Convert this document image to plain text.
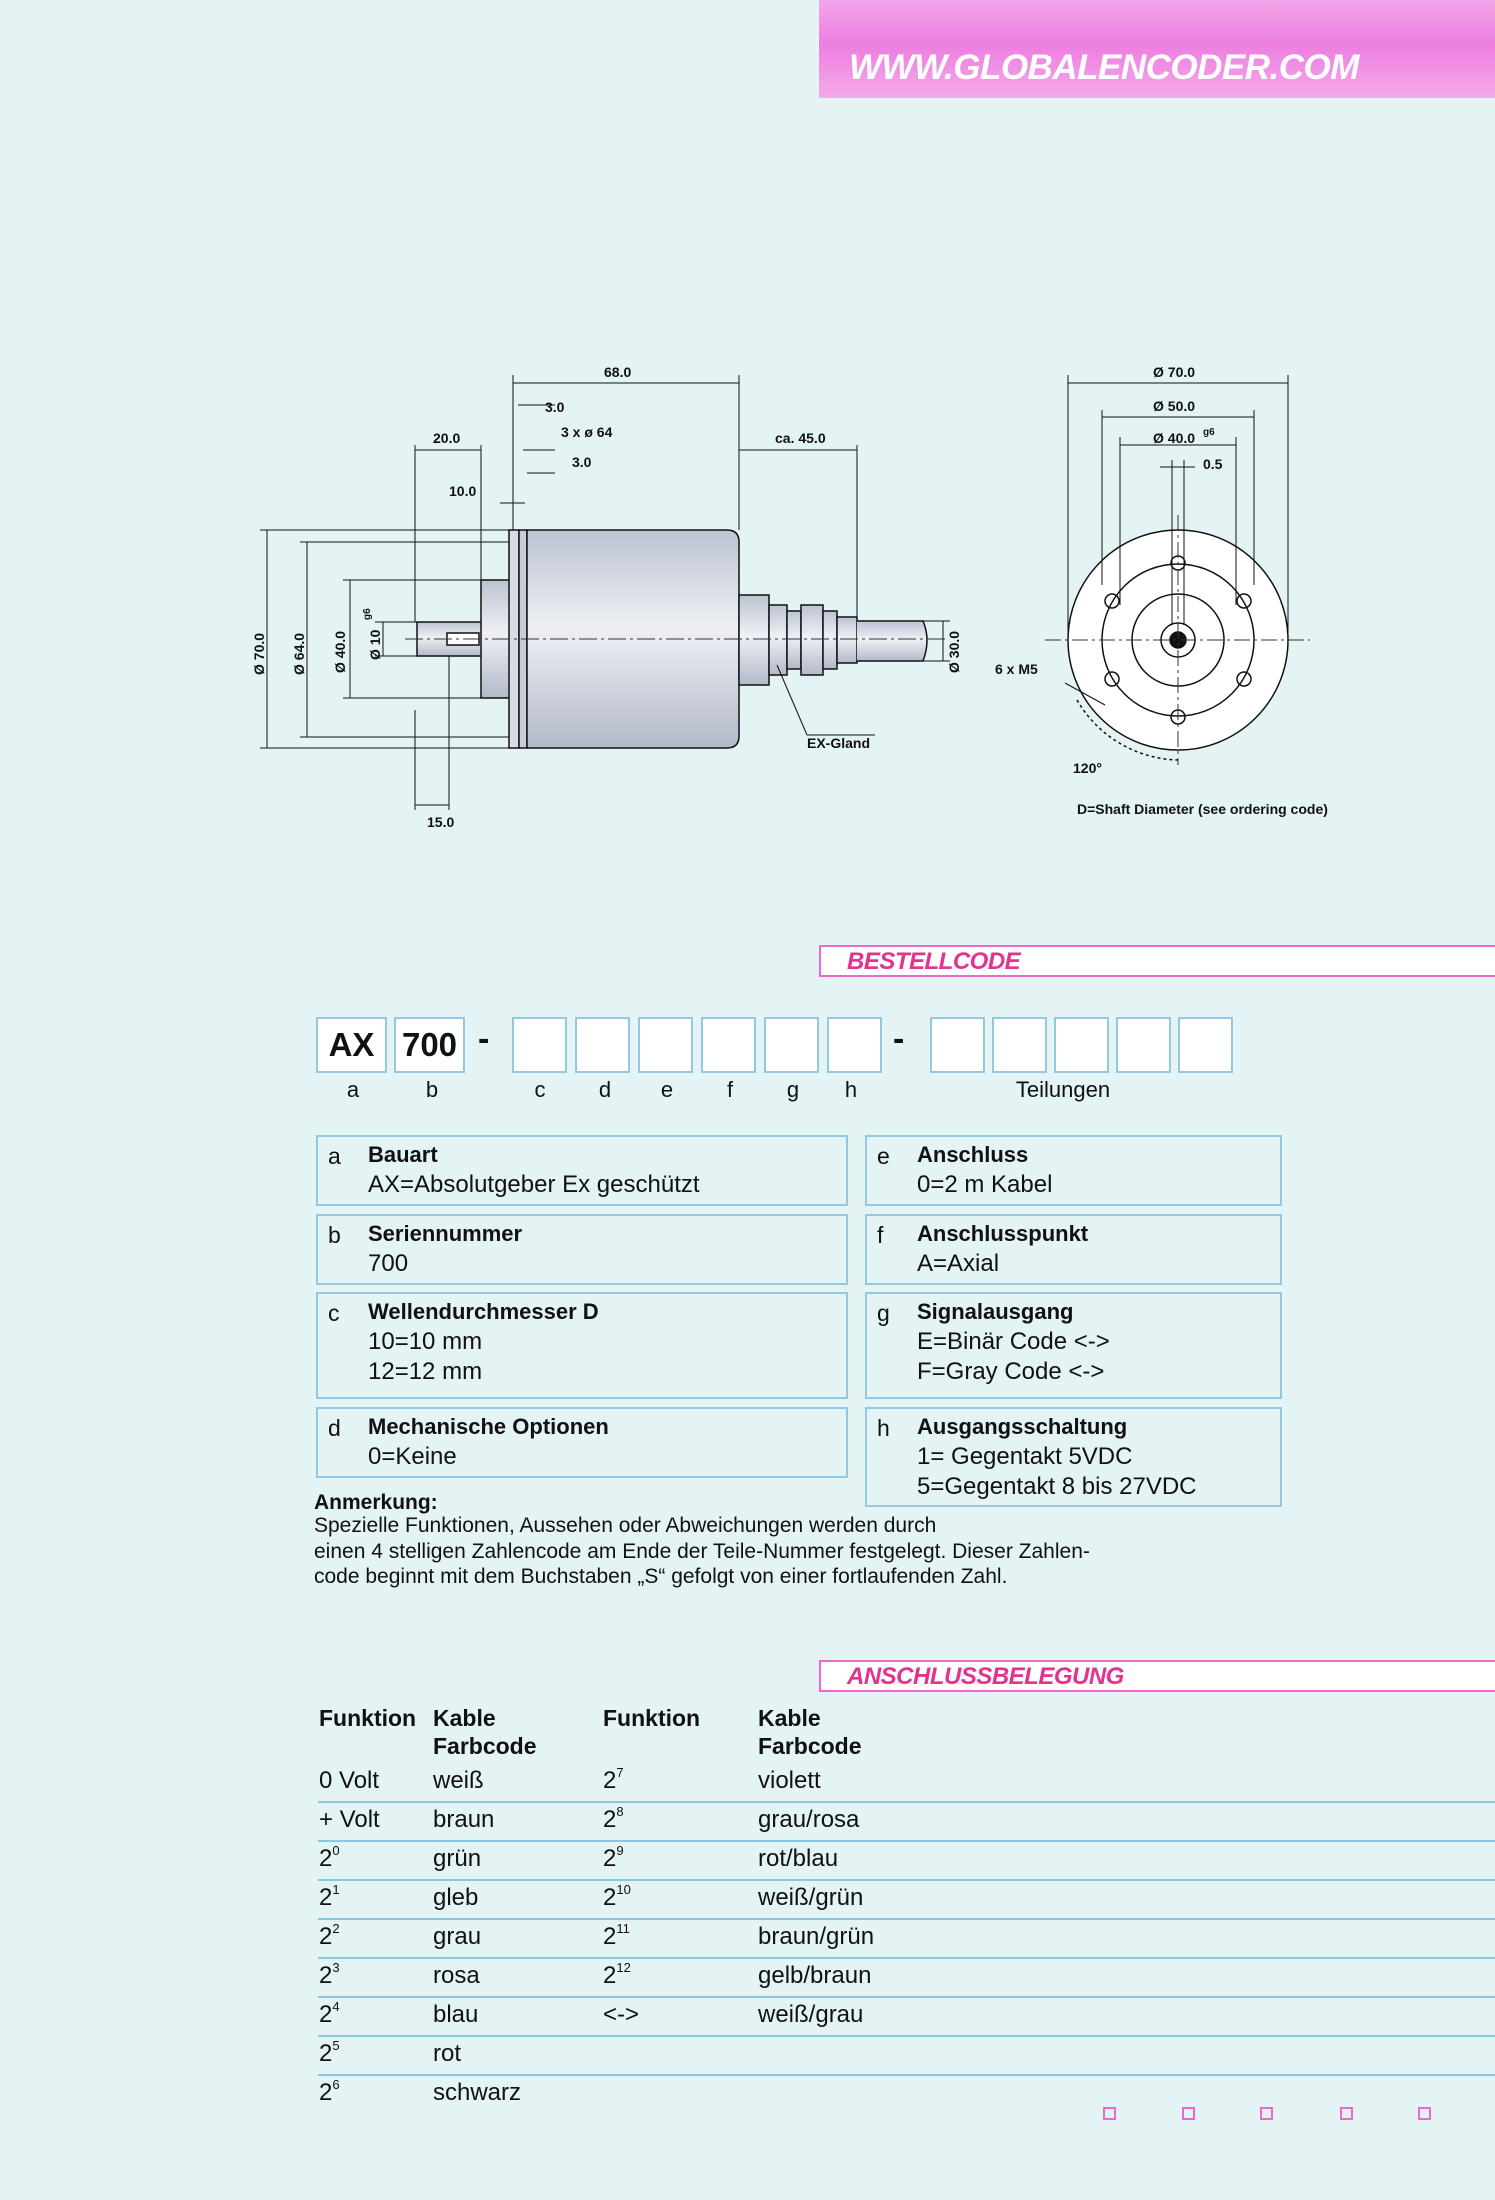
WWW.GLOBALENCODER.COM
68.0
3.0
3 x ø 64
3.0
20.0
10.0
ca. 45.0
15.0
EX-Gland
Ø 70.0 Ø 64.0 Ø 40.0 Ø 10
g6
Ø 30.0
Ø 70.0
Ø 50.0
Ø 40.0 g6
0.5
6 x M5
120°
D=Shaft Diameter (see ordering code)
BESTELLCODE
AX 700 -	-
a	b	c	d	e	f	g	h	Teilungen
a Bauart
AX=Absolutgeber Ex geschützt
b Seriennummer
700
c Wellendurchmesser D
10=10 mm
12=12 mm
d Mechanische Optionen
0=Keine
e Anschluss
0=2 m Kabel
f Anschlusspunkt
A=Axial
g Signalausgang
E=Binär Code <->
F=Gray Code <->
h Ausgangsschaltung
1= Gegentakt 5VDC
5=Gegentakt 8 bis 27VDC
Anmerkung:
Spezielle Funktionen, Aussehen oder Abweichungen werden durch
einen 4 stelligen Zahlencode am Ende der Teile-Nummer festgelegt. Dieser Zahlen-
code beginnt mit dem Buchstaben „S“ gefolgt von einer fortlaufenden Zahl.
ANSCHLUSSBELEGUNG
Funktion Kable
Farbcode
Funktion	Kable
Farbcode
0 Volt weiß	$2^7$	violett
+ Volt braun	$2^8$	grau/rosa
$2^0$	grün	$2^9$	rot/blau
$2^1$	gleb	$2^{10}$	weiß/grün
$2^2$	grau	$2^{11}$	braun/grün
$2^3$	rosa	$2^{12}$	gelb/braun
$2^4$	blau	<->	weiß/grau
$2^5$	rot
$2^6$	schwarz
